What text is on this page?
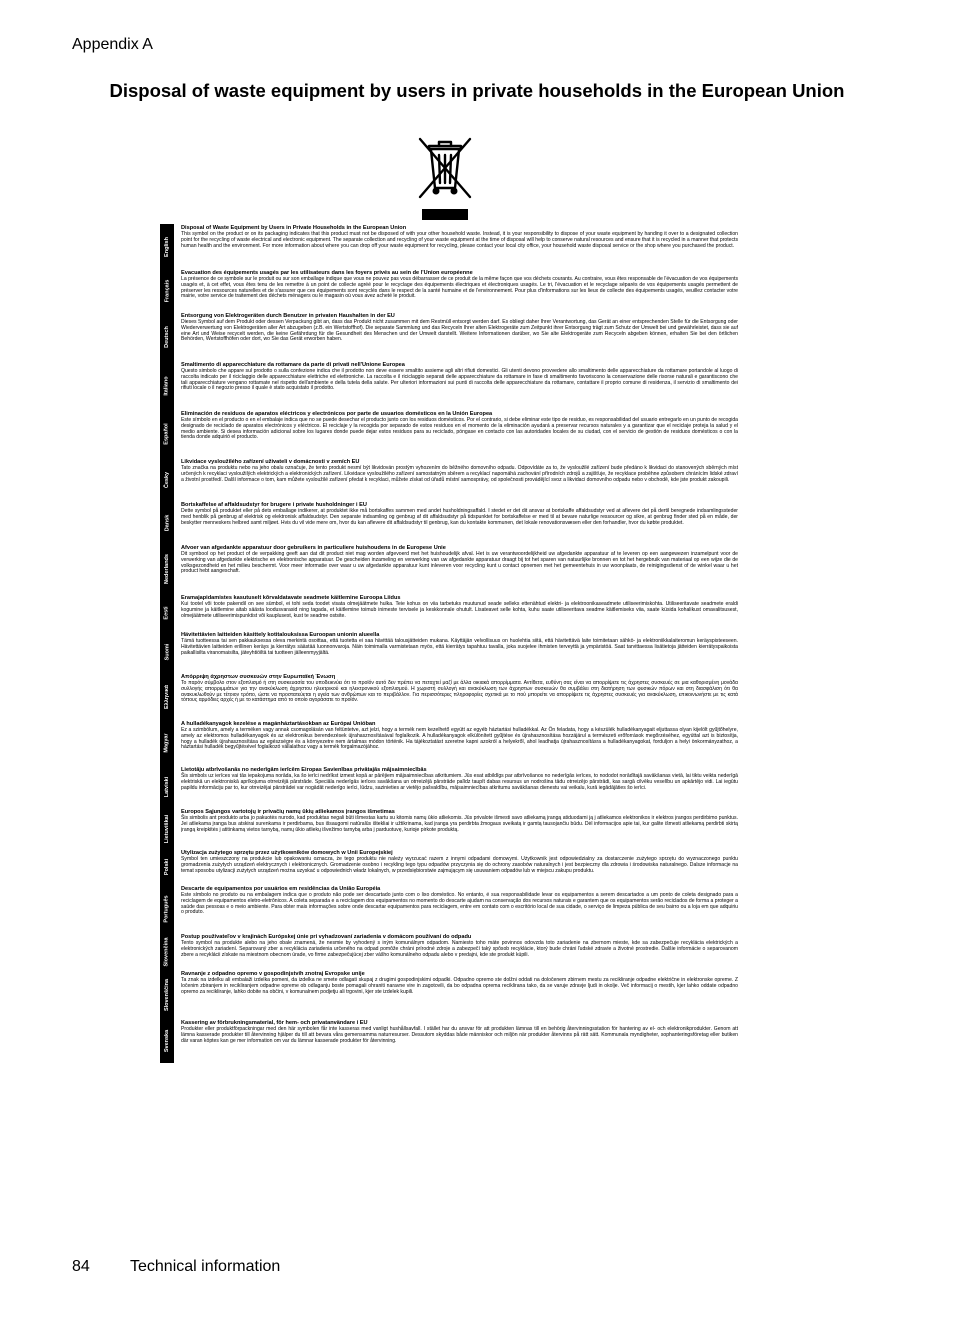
Appendix A
Disposal of waste equipment by users in private households in the European Union
English
Français
Deutsch
Italiano
Español
Česky
Dansk
Nederlands
Eesti
Suomi
Ελληνικά
Magyar
Latviski
Lietuviškai
Polski
Português
Slovenčina
Slovenščina
Svenska
Disposal of Waste Equipment by Users in Private Households in the European Union
This symbol on the product or on its packaging indicates that this product must not be disposed of with your other household waste. Instead, it is your responsibility to dispose of your waste equipment by handing it over to a designated collection point for the recycling of waste electrical and electronic equipment. The separate collection and recycling of your waste equipment at the time of disposal will help to conserve natural resources and ensure that it is recycled in a manner that protects human health and the environment. For more information about where you can drop off your waste equipment for recycling, please contact your local city office, your household waste disposal service or the shop where you purchased the product.
Évacuation des équipements usagés par les utilisateurs dans les foyers privés au sein de l'Union européenne
La présence de ce symbole sur le produit ou sur son emballage indique que vous ne pouvez pas vous débarrasser de ce produit de la même façon que vos déchets courants. Au contraire, vous êtes responsable de l'évacuation de vos équipements usagés et, à cet effet, vous êtes tenu de les remettre à un point de collecte agréé pour le recyclage des équipements électriques et électroniques usagés. Le tri, l'évacuation et le recyclage séparés de vos équipements usagés permettent de préserver les ressources naturelles et de s'assurer que ces équipements sont recyclés dans le respect de la santé humaine et de l'environnement. Pour plus d'informations sur les lieux de collecte des équipements usagés, veuillez contacter votre mairie, votre service de traitement des déchets ménagers ou le magasin où vous avez acheté le produit.
Entsorgung von Elektrogeräten durch Benutzer in privaten Haushalten in der EU
Dieses Symbol auf dem Produkt oder dessen Verpackung gibt an, dass das Produkt nicht zusammen mit dem Restmüll entsorgt werden darf. Es obliegt daher Ihrer Verantwortung, das Gerät an einer entsprechenden Stelle für die Entsorgung oder Wiederverwertung von Elektrogeräten aller Art abzugeben (z.B. ein Wertstoffhof). Die separate Sammlung und das Recyceln Ihrer alten Elektrogeräte zum Zeitpunkt ihrer Entsorgung trägt zum Schutz der Umwelt bei und gewährleistet, dass sie auf eine Art und Weise recycelt werden, die keine Gefährdung für die Gesundheit des Menschen und der Umwelt darstellt. Weitere Informationen darüber, wo Sie alte Elektrogeräte zum Recyceln abgeben können, erhalten Sie bei den örtlichen Behörden, Wertstoffhöfen oder dort, wo Sie das Gerät erworben haben.
Smaltimento di apparecchiature da rottamare da parte di privati nell'Unione Europea
Questo simbolo che appare sul prodotto o sulla confezione indica che il prodotto non deve essere smaltito assieme agli altri rifiuti domestici. Gli utenti devono provvedere allo smaltimento delle apparecchiature da rottamare portandole al luogo di raccolta indicato per il riciclaggio delle apparecchiature elettriche ed elettroniche. La raccolta e il riciclaggio separati delle apparecchiature da rottamare in fase di smaltimento favoriscono la conservazione delle risorse naturali e garantiscono che tali apparecchiature vengano rottamate nel rispetto dell'ambiente e della tutela della salute. Per ulteriori informazioni sui punti di raccolta delle apparecchiature da rottamare, contattare il proprio comune di residenza, il servizio di smaltimento dei rifiuti locale o il negozio presso il quale è stato acquistato il prodotto.
Eliminación de residuos de aparatos eléctricos y electrónicos por parte de usuarios domésticos en la Unión Europea
Este símbolo en el producto o en el embalaje indica que no se puede desechar el producto junto con los residuos domésticos. Por el contrario, si debe eliminar este tipo de residuo, es responsabilidad del usuario entregarlo en un punto de recogida designado de reciclado de aparatos electrónicos y eléctricos. El reciclaje y la recogida por separado de estos residuos en el momento de la eliminación ayudará a preservar recursos naturales y a garantizar que el reciclaje proteja la salud y el medio ambiente. Si desea información adicional sobre los lugares donde puede dejar estos residuos para su reciclado, póngase en contacto con las autoridades locales de su ciudad, con el servicio de gestión de residuos domésticos o con la tienda donde adquirió el producto.
Likvidace vysloužilého zařízení uživateli v domácnosti v zemích EU
Tato značka na produktu nebo na jeho obalu označuje, že tento produkt nesmí být likvidován prostým vyhozením do běžného domovního odpadu. Odpovídáte za to, že vysloužilé zařízení bude předáno k likvidaci do stanovených sběrných míst určených k recyklaci vysloužilých elektrických a elektronických zařízení. Likvidace vysloužilého zařízení samostatným sběrem a recyklací napomáhá zachování přírodních zdrojů a zajišťuje, že recyklace proběhne způsobem chránícím lidské zdraví a životní prostředí. Další informace o tom, kam můžete vysloužilé zařízení předat k recyklaci, můžete získat od úřadů místní samosprávy, od společnosti provádějící svoz a likvidaci domovního odpadu nebo v obchodě, kde jste produkt zakoupili.
Bortskaffelse af affaldsudstyr for brugere i private husholdninger i EU
Dette symbol på produktet eller på dets emballage indikerer, at produktet ikke må bortskaffes sammen med andet husholdningsaffald. I stedet er det dit ansvar at bortskaffe affaldsudstyr ved at aflevere det på dertil beregnede indsamlingssteder med henblik på genbrug af elektrisk og elektronisk affaldsudstyr. Den separate indsamling og genbrug af dit affaldsudstyr på tidspunktet for bortskaffelse er med til at bevare naturlige ressourcer og sikre, at genbrug finder sted på en måde, der beskytter menneskers helbred samt miljøet. Hvis du vil vide mere om, hvor du kan aflevere dit affaldsudstyr til genbrug, kan du kontakte kommunen, det lokale renovationsvæsen eller den forhandler, hvor du købte produktet.
Afvoer van afgedankte apparatuur door gebruikers in particuliere huishoudens in de Europese Unie
Dit symbool op het product of de verpakking geeft aan dat dit product niet mag worden afgevoerd met het huishoudelijk afval. Het is uw verantwoordelijkheid uw afgedankte apparatuur af te leveren op een aangewezen inzamelpunt voor de verwerking van afgedankte elektrische en elektronische apparatuur. De gescheiden inzameling en verwerking van uw afgedankte apparatuur draagt bij tot het sparen van natuurlijke bronnen en tot het hergebruik van materiaal op een wijze die de volksgezondheid en het milieu beschermt. Voor meer informatie over waar u uw afgedankte apparatuur kunt inleveren voor recycling kunt u contact opnemen met het gemeentehuis in uw woonplaats, de reinigingsdienst of de winkel waar u het product hebt aangeschaft.
Eramajapidamistes kasutuselt kõrvaldatavate seadmete käitlemine Euroopa Liidus
Kui tootel või toote pakendil on see sümbol, ei tohi seda toodet visata olmejäätmete hulka. Teie kohus on viia tarbetuks muutunud seade selleks ettenähtud elektri- ja elektroonikaseadmete utiliseerimiskohta. Utiliseeritavate seadmete eraldi kogumine ja käitlemine aitab säästa loodusvarasid ning tagada, et käitlemine toimub inimeste tervisele ja keskkonnale ohutult. Lisateavet selle kohta, kuhu saate utiliseeritava seadme käitlemiseks viia, saate küsida kohalikust omavalitsusest, olmejäätmete utiliseerimispunktist või kauplusest, kust te seadme ostsite.
Hävitettävien laitteiden käsittely kotitalouksissa Euroopan unionin alueella
Tämä tuotteessa tai sen pakkauksessa oleva merkintä osoittaa, että tuotetta ei saa hävittää talousjätteiden mukana. Käyttäjän velvollisuus on huolehtia siitä, että hävitettävä laite toimitetaan sähkö- ja elektroniikkalaiteromun keräyspisteeseen. Hävitettävien laitteiden erillinen keräys ja kierrätys säästää luonnonvaroja. Näin toimimalla varmistetaan myös, että kierrätys tapahtuu tavalla, joka suojelee ihmisten terveyttä ja ympäristöä. Saat tarvittaessa lisätietoja jätteiden kierrätyspaikoista paikallisilta viranomaisilta, jäteyhtiöiltä tai tuotteen jälleenmyyjältä.
Απόρριψη άχρηστων συσκευών στην Ευρωπαϊκή Ένωση
Το παρόν σύμβολο στον εξοπλισμό ή στη συσκευασία του υποδεικνύει ότι το προϊόν αυτό δεν πρέπει να πεταχτεί μαζί με άλλα οικιακά απορρίμματα. Αντίθετα, ευθύνη σας είναι να απορρίψετε τις άχρηστες συσκευές σε μια καθορισμένη μονάδα συλλογής απορριμμάτων για την ανακύκλωση άχρηστου ηλεκτρικού και ηλεκτρονικού εξοπλισμού. Η χωριστή συλλογή και ανακύκλωση των άχρηστων συσκευών θα συμβάλει στη διατήρηση των φυσικών πόρων και στη διασφάλιση ότι θα ανακυκλωθούν με τέτοιον τρόπο, ώστε να προστατεύεται η υγεία των ανθρώπων και το περιβάλλον. Για περισσότερες πληροφορίες σχετικά με το πού μπορείτε να απορρίψετε τις άχρηστες συσκευές για ανακύκλωση, επικοινωνήστε με τις κατά τόπους αρμόδιες αρχές ή με το κατάστημα από το οποίο αγοράσατε το προϊόν.
A hulladékanyagok kezelése a magánháztartásokban az Európai Unióban
Ez a szimbólum, amely a terméken vagy annak csomagolásán van feltüntetve, azt jelzi, hogy a termék nem kezelhető együtt az egyéb háztartási hulladékkal. Az Ön feladata, hogy a készülék hulladékanyagait eljuttassa olyan kijelölt gyűjtőhelyre, amely az elektromos hulladékanyagok és az elektronikus berendezések újrahasznosításával foglalkozik. A hulladékanyagok elkülönített gyűjtése és újrahasznosítása hozzájárul a természeti erőforrások megőrzéséhez, egyúttal azt is biztosítja, hogy a hulladék újrahasznosítása az egészségre és a környezetre nem ártalmas módon történik. Ha tájékoztatást szeretne kapni azokról a helyekről, ahol leadhatja újrahasznosításra a hulladékanyagokat, forduljon a helyi önkormányzathoz, a háztartási hulladék begyűjtésével foglalkozó vállalathoz vagy a termék forgalmazójához.
Lietotāju atbrīvošanās no nederīgām ierīcēm Eiropas Savienības privātajās mājsaimniecībās
Šis simbols uz ierīces vai tās iepakojuma norāda, ka šo ierīci nedrīkst izmest kopā ar pārējiem mājsaimniecības atkritumiem. Jūs esat atbildīgs par atbrīvošanos no nederīgās ierīces, to nododot norādītajā savākšanas vietā, lai tiktu veikta nederīgā elektriskā un elektroniskā aprīkojuma otrreizējā pārstrāde. Speciāla nederīgās ierīces savākšana un otrreizējā pārstrāde palīdz taupīt dabas resursus un nodrošina tādu otrreizējo pārstrādi, kas sargā cilvēku veselību un apkārtējo vidi. Lai iegūtu papildu informāciju par to, kur otrreizējai pārstrādei var nogādāt nederīgo ierīci, lūdzu, sazinieties ar vietējo pašvaldību, mājsaimniecības atkritumu savākšanas dienestu vai veikalu, kurā iegādājāties šo ierīci.
Europos Sąjungos vartotojų ir privačių namų ūkių atliekamos įrangos išmetimas
Šis simbolis ant produkto arba jo pakuotės nurodo, kad produktas negali būti išmestas kartu su kitomis namų ūkio atliekomis. Jūs privalote išmesti savo atliekamą įrangą atiduodami ją į atliekamos elektronikos ir elektros įrangos perdirbimo punktus. Jei atliekama įranga bus atskirai surenkama ir perdirbama, bus išsaugomi natūralūs ištekliai ir užtikrinama, kad įranga yra perdirbta žmogaus sveikatą ir gamtą tausojančiu būdu. Dėl informacijos apie tai, kur galite išmesti atliekamą perdirbti skirtą įrangą kreipkitės į atitinkamą vietos tarnybą, namų ūkio atliekų išvežimo tarnybą arba į parduotuvę, kurioje pirkote produktą.
Utylizacja zużytego sprzętu przez użytkowników domowych w Unii Europejskiej
Symbol ten umieszczony na produkcie lub opakowaniu oznacza, że tego produktu nie należy wyrzucać razem z innymi odpadami domowymi. Użytkownik jest odpowiedzialny za dostarczenie zużytego sprzętu do wyznaczonego punktu gromadzenia zużytych urządzeń elektrycznych i elektronicznych. Gromadzenie osobno i recykling tego typu odpadów przyczynia się do ochrony zasobów naturalnych i jest bezpieczny dla zdrowia i środowiska naturalnego. Dalsze informacje na temat sposobu utylizacji zużytych urządzeń można uzyskać u odpowiednich władz lokalnych, w przedsiębiorstwie zajmującym się usuwaniem odpadów lub w miejscu zakupu produktu.
Descarte de equipamentos por usuários em residências da União Européia
Este símbolo no produto ou na embalagem indica que o produto não pode ser descartado junto com o lixo doméstico. No entanto, é sua responsabilidade levar os equipamentos a serem descartados a um ponto de coleta designado para a reciclagem de equipamentos eletro-eletrônicos. A coleta separada e a reciclagem dos equipamentos no momento do descarte ajudam na conservação dos recursos naturais e garantem que os equipamentos serão reciclados de forma a proteger a saúde das pessoas e o meio ambiente. Para obter mais informações sobre onde descartar equipamentos para reciclagem, entre em contato com o escritório local de sua cidade, o serviço de limpeza pública de seu bairro ou a loja em que adquiriu o produto.
Postup používateľov v krajinách Európskej únie pri vyhadzovaní zariadenia v domácom používaní do odpadu
Tento symbol na produkte alebo na jeho obale znamená, že nesmie by vyhodený s iným komunálnym odpadom. Namiesto toho máte povinnos odovzda toto zariadenie na zbernom mieste, kde sa zabezpečuje recyklácia elektrických a elektronických zariadení. Separovaný zber a recyklácia zariadenia určeného na odpad pomôže chráni prírodné zdroje a zabezpečí taký spôsob recyklácie, ktorý bude chráni ľudské zdravie a životné prostredie. Ďalšie informácie o separovanom zbere a recyklácii získate na miestnom obecnom úrade, vo firme zabezpečujúcej zber vášho komunálneho odpadu alebo v predajni, kde ste produkt kúpili.
Ravnanje z odpadno opremo v gospodinjstvih znotraj Evropske unije
Ta znak na izdelku ali embalaži izdelka pomeni, da izdelka ne smete odlagati skupaj z drugimi gospodinjskimi odpadki. Odpadno opremo ste dolžni oddati na določenem zbirnem mestu za recikliranje odpadne električne in elektronske opreme. Z ločenim zbiranjem in recikliranjem odpadne opreme ob odlaganju boste pomagali ohraniti naravne vire in zagotovili, da bo odpadna oprema reciklirana tako, da se varuje zdravje ljudi in okolje. Več informacij o mestih, kjer lahko oddate odpadno opremo za recikliranje, lahko dobite na občini, v komunalnem podjetju ali trgovini, kjer ste izdelek kupili.
Kassering av förbrukningsmaterial, för hem- och privatanvändare i EU
Produkter eller produktförpackningar med den här symbolen får inte kasseras med vanligt hushållsavfall. I stället har du ansvar för att produkten lämnas till en behörig återvinningsstation för hantering av el- och elektronikprodukter. Genom att lämna kasserade produkter till återvinning hjälper du till att bevara våra gemensamma naturresurser. Dessutom skyddas både människor och miljön när produkter återvinns på rätt sätt. Kommunala myndigheter, sophanteringsföretag eller butiken där varan köptes kan ge mer information om var du lämnar kasserade produkter för återvinning.
84	Technical information
